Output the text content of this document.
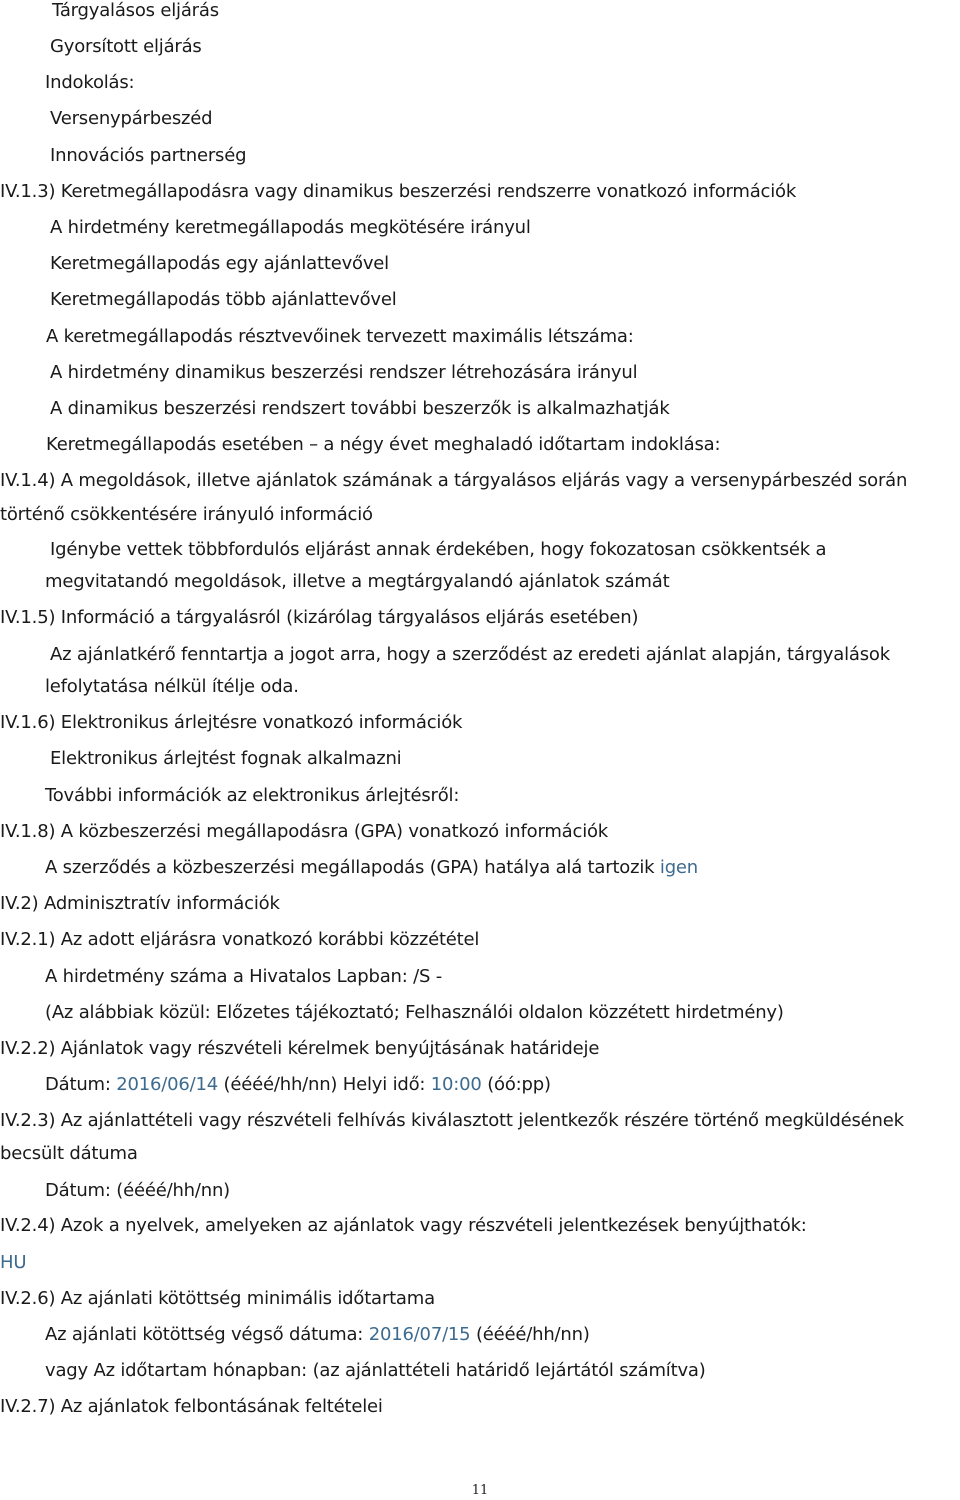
Tárgyalásos eljárás
Gyorsított eljárás
Indokolás:
Versenypárbeszéd
Innovációs partnerség
IV.1.3) Keretmegállapodásra vagy dinamikus beszerzési rendszerre vonatkozó információk
A hirdetmény keretmegállapodás megkötésére irányul
Keretmegállapodás egy ajánlattevővel
Keretmegállapodás több ajánlattevővel
A keretmegállapodás résztvevőinek tervezett maximális létszáma:
A hirdetmény dinamikus beszerzési rendszer létrehozására irányul
A dinamikus beszerzési rendszert további beszerzők is alkalmazhatják
Keretmegállapodás esetében – a négy évet meghaladó időtartam indoklása:
IV.1.4) A megoldások, illetve ajánlatok számának a tárgyalásos eljárás vagy a versenypárbeszéd során
történő csökkentésére irányuló információ
Igénybe vettek többfordulós eljárást annak érdekében, hogy fokozatosan csökkentsék a
megvitatandó megoldások, illetve a megtárgyalandó ajánlatok számát
IV.1.5) Információ a tárgyalásról (kizárólag tárgyalásos eljárás esetében)
Az ajánlatkérő fenntartja a jogot arra, hogy a szerződést az eredeti ajánlat alapján, tárgyalások
lefolytatása nélkül ítélje oda.
IV.1.6) Elektronikus árlejtésre vonatkozó információk
Elektronikus árlejtést fognak alkalmazni
További információk az elektronikus árlejtésről:
IV.1.8) A közbeszerzési megállapodásra (GPA) vonatkozó információk
A szerződés a közbeszerzési megállapodás (GPA) hatálya alá tartozik igen
IV.2) Adminisztratív információk
IV.2.1) Az adott eljárásra vonatkozó korábbi közzététel
A hirdetmény száma a Hivatalos Lapban: /S -
(Az alábbiak közül: Előzetes tájékoztató; Felhasználói oldalon közzétett hirdetmény)
IV.2.2) Ajánlatok vagy részvételi kérelmek benyújtásának határideje
Dátum: 2016/06/14 (éééé/hh/nn) Helyi idő: 10:00 (óó:pp)
IV.2.3) Az ajánlattételi vagy részvételi felhívás kiválasztott jelentkezők részére történő megküldésének
becsült dátuma
Dátum: (éééé/hh/nn)
IV.2.4) Azok a nyelvek, amelyeken az ajánlatok vagy részvételi jelentkezések benyújthatók:
HU
IV.2.6) Az ajánlati kötöttség minimális időtartama
Az ajánlati kötöttség végső dátuma: 2016/07/15 (éééé/hh/nn)
vagy Az időtartam hónapban: (az ajánlattételi határidő lejártától számítva)
IV.2.7) Az ajánlatok felbontásának feltételei
11
